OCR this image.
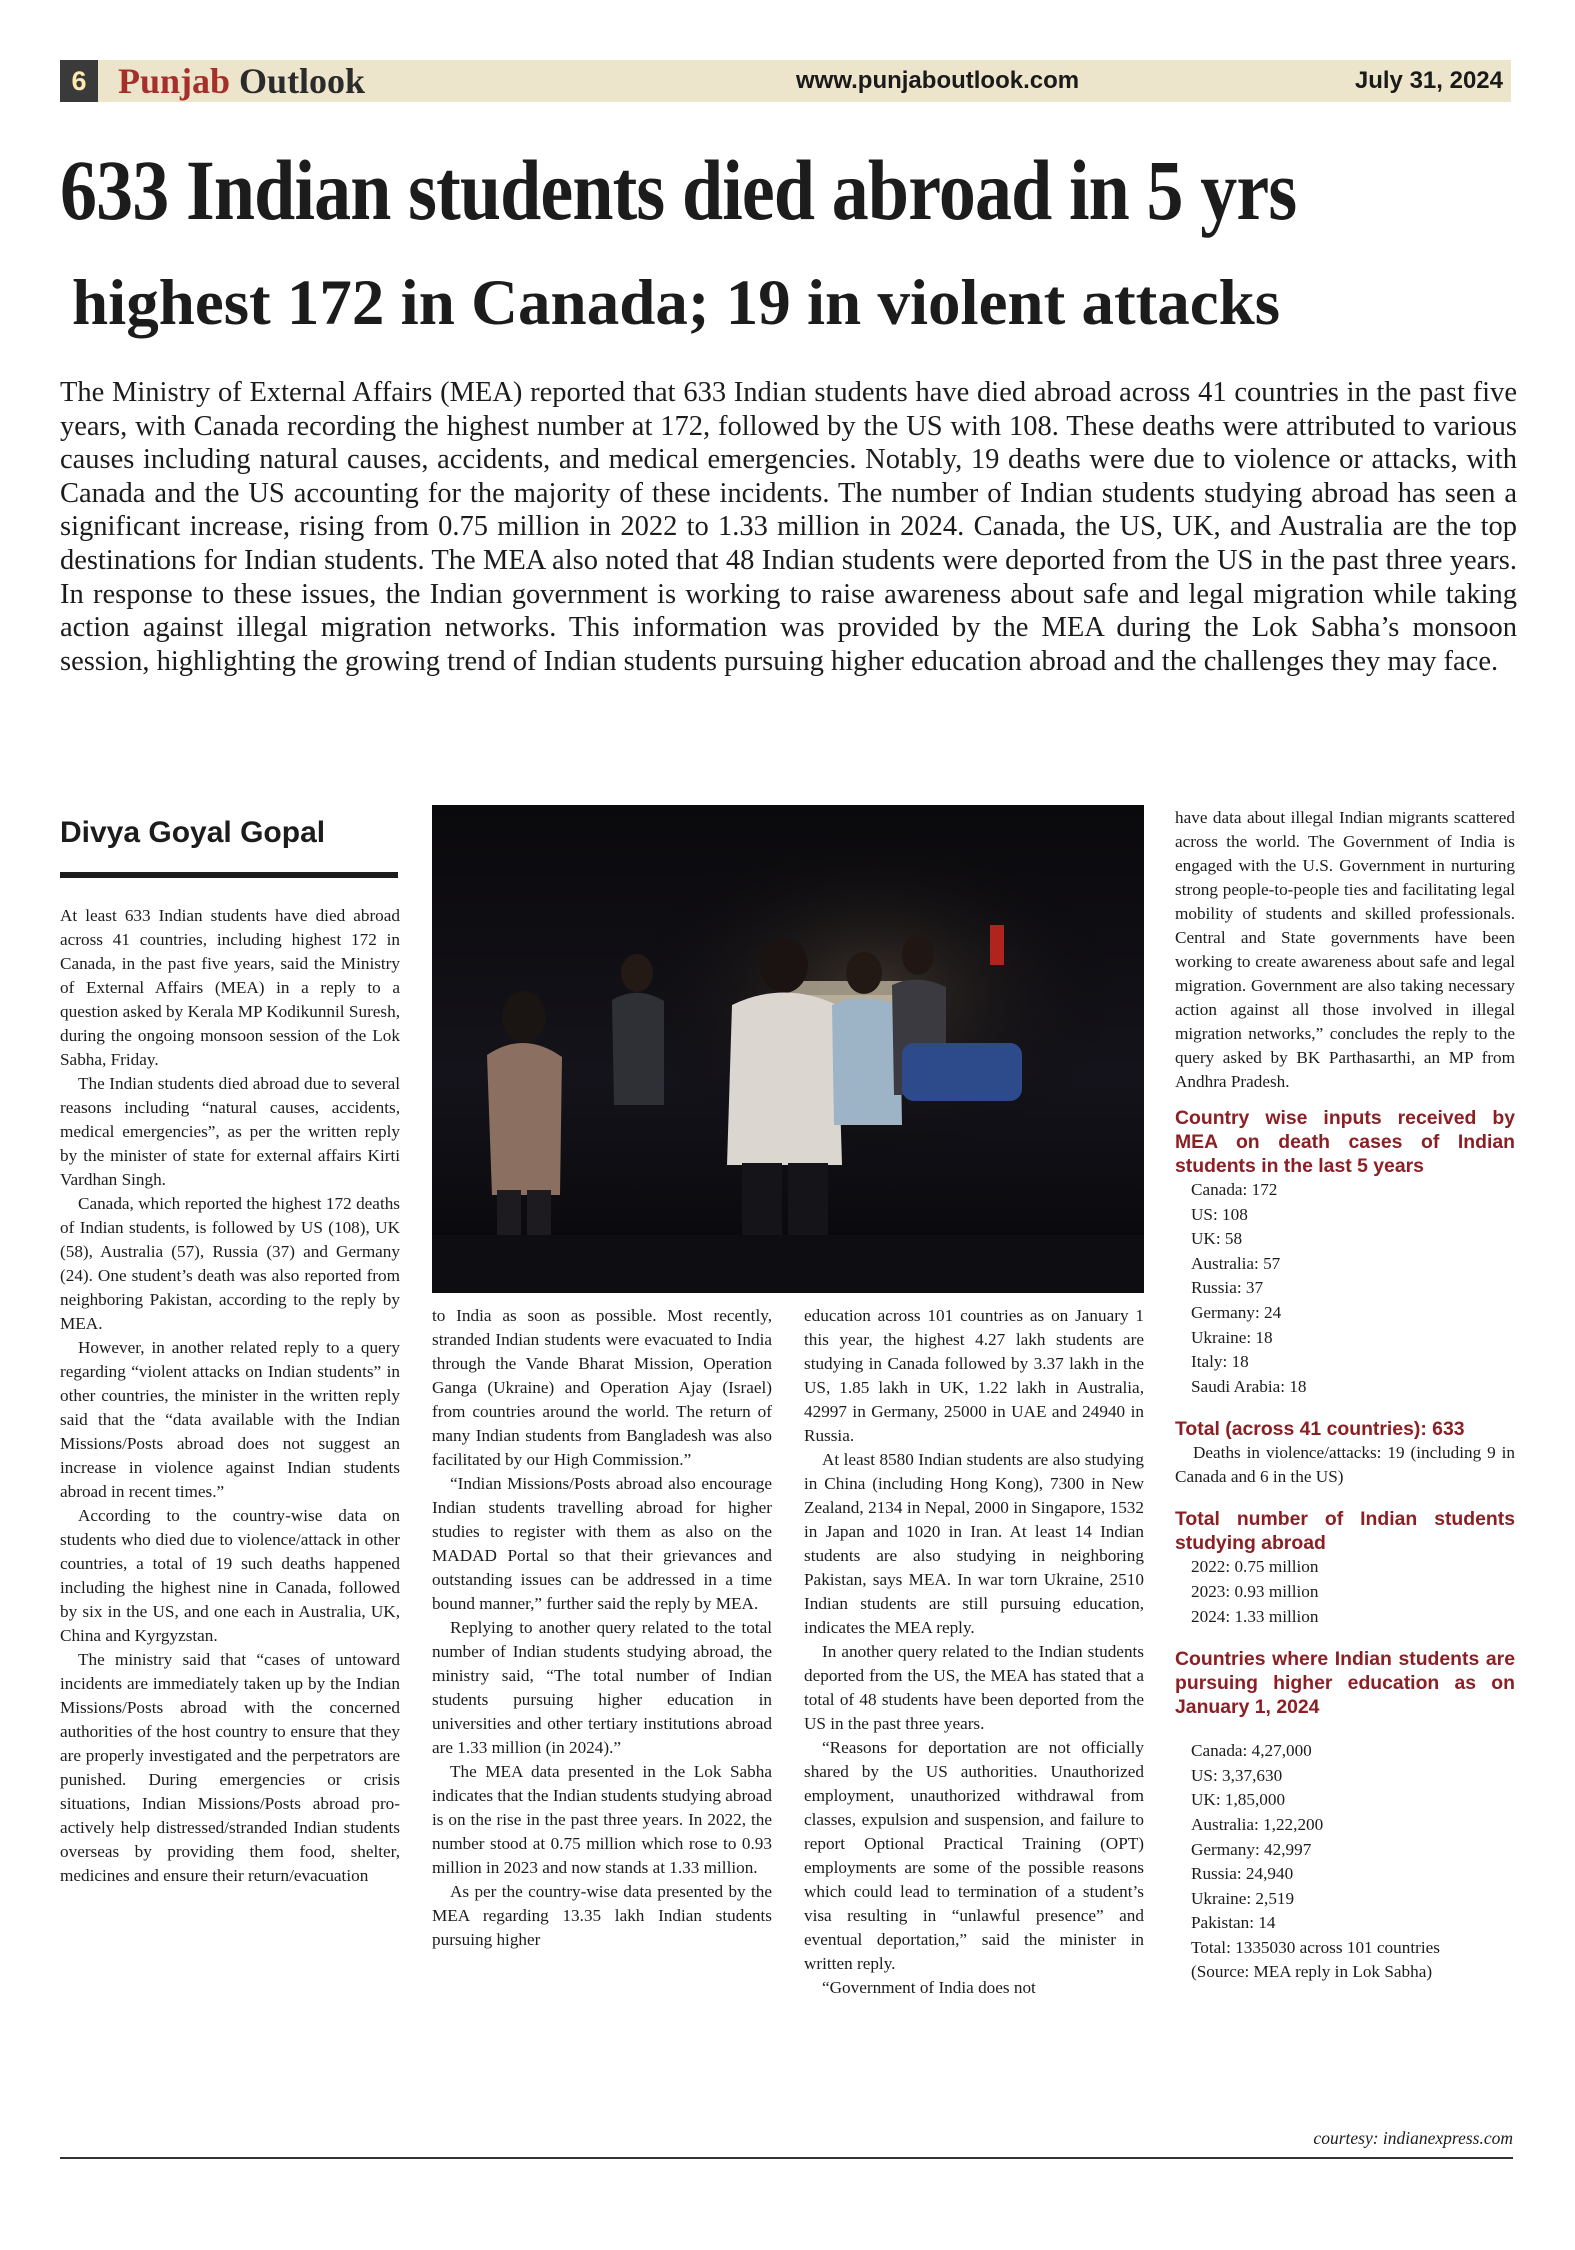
6 Punjab Outlook	www.punjaboutlook.com	July 31, 2024
633 Indian students died abroad in 5 yrs
highest 172 in Canada; 19 in violent attacks

The Ministry of External Affairs (MEA) reported that 633 Indian students have died abroad across 41 countries in the past five years, with Canada recording the highest number at 172, followed by the US with 108. These deaths were attributed to various causes including natural causes, accidents, and medical emergencies. Notably, 19 deaths were due to violence or attacks, with Canada and the US accounting for the majority of these incidents. The number of Indian students studying abroad has seen a significant increase, rising from 0.75 million in 2022 to 1.33 million in 2024. Canada, the US, UK, and Australia are the top destinations for Indian students. The MEA also noted that 48 Indian students were deported from the US in the past three years. In response to these issues, the Indian government is working to raise awareness about safe and legal migration while taking action against illegal migration networks. This information was provided by the MEA during the Lok Sabha’s monsoon session, highlighting the growing trend of Indian students pursuing higher education abroad and the challenges they may face.

Divya Goyal Gopal

At least 633 Indian students have died abroad across 41 countries, including highest 172 in Canada, in the past five years, said the Ministry of External Affairs (MEA) in a reply to a question asked by Kerala MP Kodikunnil Suresh, during the ongoing monsoon session of the Lok Sabha, Friday.

The Indian students died abroad due to several reasons including “natural causes, accidents, medical emergencies”, as per the written reply by the minister of state for external affairs Kirti Vardhan Singh.

Canada, which reported the highest 172 deaths of Indian students, is followed by US (108), UK (58), Australia (57), Russia (37) and Germany (24). One student’s death was also reported from neighboring Pakistan, according to the reply by MEA.

However, in another related reply to a query regarding “violent attacks on Indian students” in other countries, the minister in the written reply said that the “data available with the Indian Missions/Posts abroad does not suggest an increase in violence against Indian students abroad in recent times.”

According to the country-wise data on students who died due to violence/attack in other countries, a total of 19 such deaths happened including the highest nine in Canada, followed by six in the US, and one each in Australia, UK, China and Kyrgyzstan.

The ministry said that “cases of untoward incidents are immediately taken up by the Indian Missions/Posts abroad with the concerned authorities of the host country to ensure that they are properly investigated and the perpetrators are punished. During emergencies or crisis situations, Indian Missions/Posts abroad pro-actively help distressed/stranded Indian students overseas by providing them food, shelter, medicines and ensure their return/evacuation

to India as soon as possible. Most recently, stranded Indian students were evacuated to India through the Vande Bharat Mission, Operation Ganga (Ukraine) and Operation Ajay (Israel) from countries around the world. The return of many Indian students from Bangladesh was also facilitated by our High Commission.”

“Indian Missions/Posts abroad also encourage Indian students travelling abroad for higher studies to register with them as also on the MADAD Portal so that their grievances and outstanding issues can be addressed in a time bound manner,” further said the reply by MEA.

Replying to another query related to the total number of Indian students studying abroad, the ministry said, “The total number of Indian students pursuing higher education in universities and other tertiary institutions abroad are 1.33 million (in 2024).”

The MEA data presented in the Lok Sabha indicates that the Indian students studying abroad is on the rise in the past three years. In 2022, the number stood at 0.75 million which rose to 0.93 million in 2023 and now stands at 1.33 million.

As per the country-wise data presented by the MEA regarding 13.35 lakh Indian students pursuing higher

education across 101 countries as on January 1 this year, the highest 4.27 lakh students are studying in Canada followed by 3.37 lakh in the US, 1.85 lakh in UK, 1.22 lakh in Australia, 42997 in Germany, 25000 in UAE and 24940 in Russia.

At least 8580 Indian students are also studying in China (including Hong Kong), 7300 in New Zealand, 2134 in Nepal, 2000 in Singapore, 1532 in Japan and 1020 in Iran. At least 14 Indian students are also studying in neighboring Pakistan, says MEA. In war torn Ukraine, 2510 Indian students are still pursuing education, indicates the MEA reply.

In another query related to the Indian students deported from the US, the MEA has stated that a total of 48 students have been deported from the US in the past three years.

“Reasons for deportation are not officially shared by the US authorities. Unauthorized employment, unauthorized withdrawal from classes, expulsion and suspension, and failure to report Optional Practical Training (OPT) employments are some of the possible reasons which could lead to termination of a student’s visa resulting in “unlawful presence” and eventual deportation,” said the minister in written reply.

“Government of India does not

have data about illegal Indian migrants scattered across the world. The Government of India is engaged with the U.S. Government in nurturing strong people-to-people ties and facilitating legal mobility of students and skilled professionals. Central and State governments have been working to create awareness about safe and legal migration. Government are also taking necessary action against all those involved in illegal migration networks,” concludes the reply to the query asked by BK Parthasarthi, an MP from Andhra Pradesh.

Country wise inputs received by MEA on death cases of Indian students in the last 5 years
Canada: 172
US: 108
UK: 58
Australia: 57
Russia: 37
Germany: 24
Ukraine: 18
Italy: 18
Saudi Arabia: 18
Total (across 41 countries): 633

Deaths in violence/attacks: 19 (including 9 in Canada and 6 in the US)

Total number of Indian students studying abroad
2022: 0.75 million
2023: 0.93 million
2024: 1.33 million
Countries where Indian students are pursuing higher education as on January 1, 2024
Canada: 4,27,000
US: 3,37,630
UK: 1,85,000
Australia: 1,22,200
Germany: 42,997
Russia: 24,940
Ukraine: 2,519
Pakistan: 14
Total: 1335030 across 101 countries
(Source: MEA reply in Lok Sabha)
courtesy: indianexpress.com
